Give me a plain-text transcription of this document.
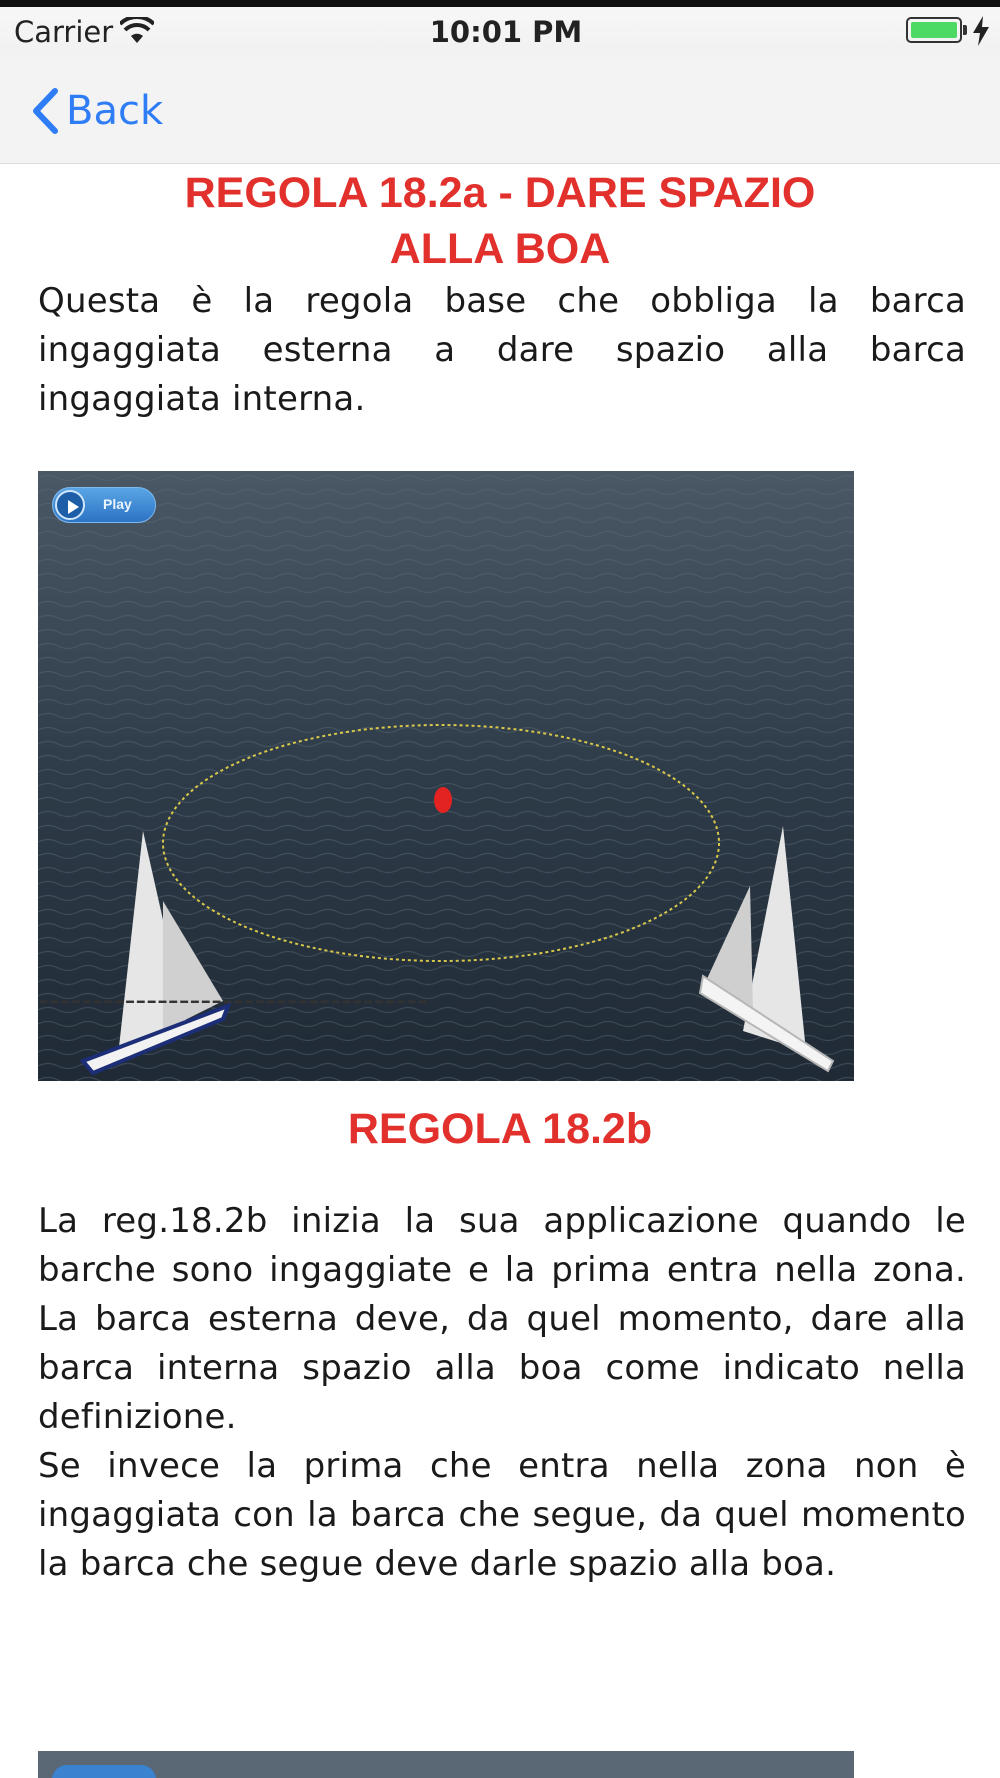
Carrier	10:01 PM
Back
REGOLA 18.2a - DARE SPAZIO
ALLA BOA
Questa è la regola base che obbliga la barca ingaggiata esterna a dare spazio alla barca ingaggiata interna.
Play
------------------------------------
REGOLA 18.2b

La reg.18.2b inizia la sua applicazione quando le barche sono ingaggiate e la prima entra nella zona. La barca esterna deve, da quel momento, dare alla barca interna spazio alla boa come indicato nella definizione.

Se invece la prima che entra nella zona non è ingaggiata con la barca che segue, da quel momento la barca che segue deve darle spazio alla boa.
